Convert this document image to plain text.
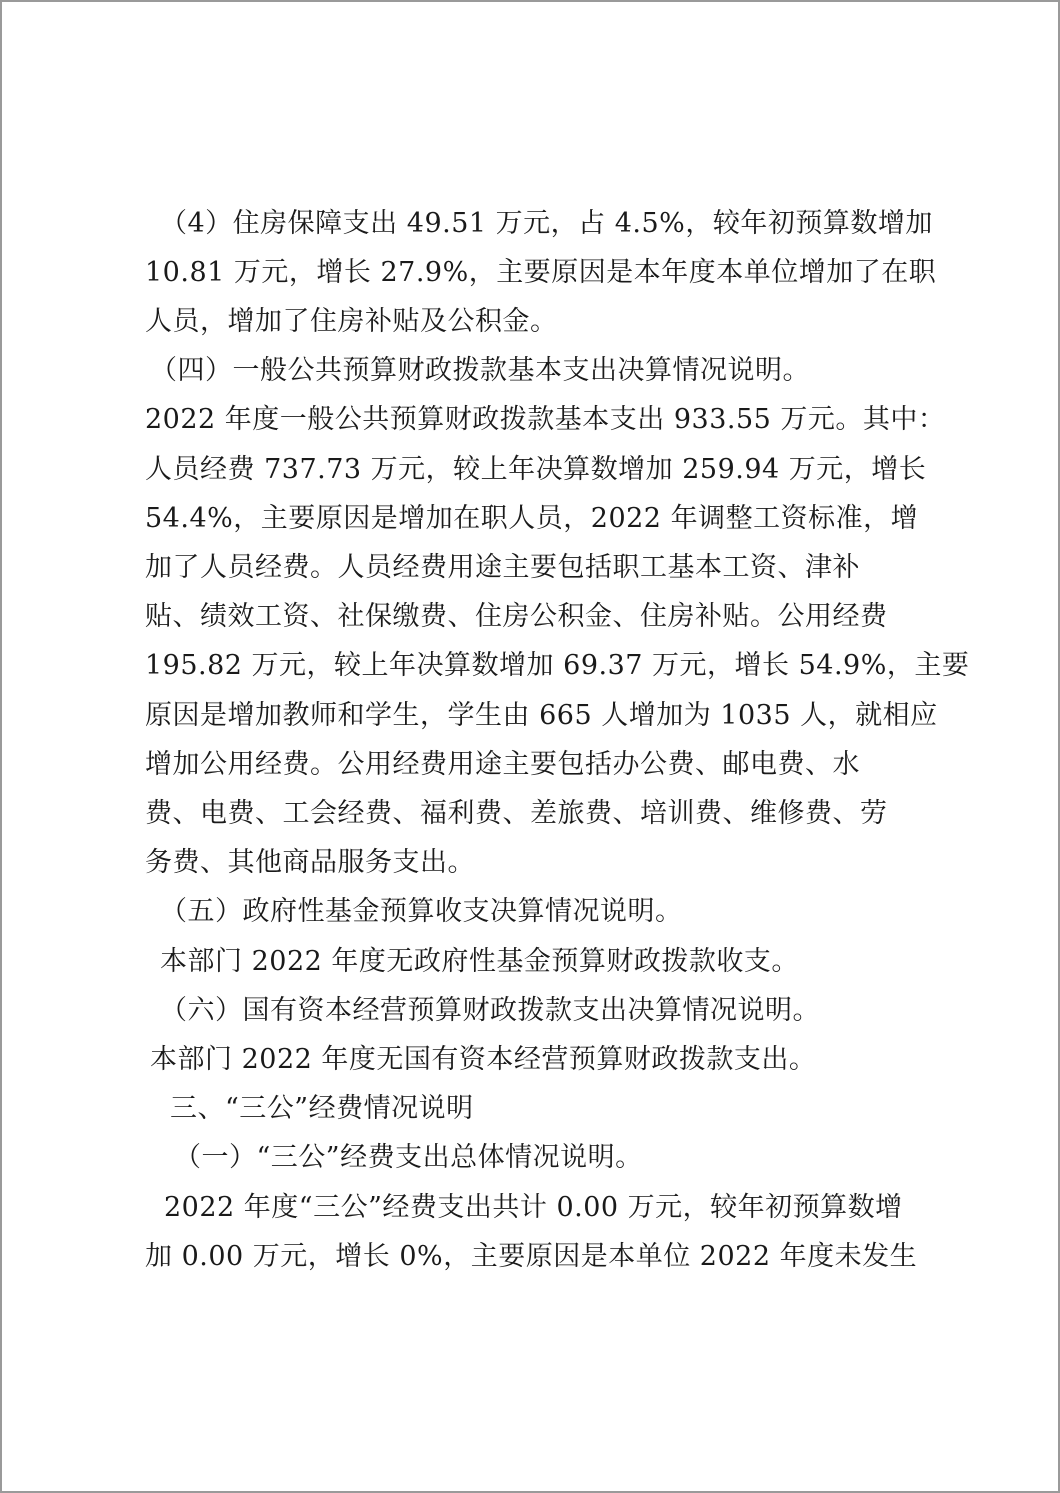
（4）住房保障支出 49.51 万元，占 4.5%，较年初预算数增加
10.81 万元，增长 27.9%，主要原因是本年度本单位增加了在职
人员，增加了住房补贴及公积金。
（四）一般公共预算财政拨款基本支出决算情况说明。
2022 年度一般公共预算财政拨款基本支出 933.55 万元。其中：
人员经费 737.73 万元，较上年决算数增加 259.94 万元，增长
54.4%，主要原因是增加在职人员，2022 年调整工资标准，增
加了人员经费。人员经费用途主要包括职工基本工资、津补
贴、绩效工资、社保缴费、住房公积金、住房补贴。公用经费
195.82 万元，较上年决算数增加 69.37 万元，增长 54.9%，主要
原因是增加教师和学生，学生由 665 人增加为 1035 人，就相应
增加公用经费。公用经费用途主要包括办公费、邮电费、水
费、电费、工会经费、福利费、差旅费、培训费、维修费、劳
务费、其他商品服务支出。
（五）政府性基金预算收支决算情况说明。
本部门 2022 年度无政府性基金预算财政拨款收支。
（六）国有资本经营预算财政拨款支出决算情况说明。
本部门 2022 年度无国有资本经营预算财政拨款支出。
三、“三公”经费情况说明
（一）“三公”经费支出总体情况说明。
2022 年度“三公”经费支出共计 0.00 万元，较年初预算数增
加 0.00 万元，增长 0%，主要原因是本单位 2022 年度未发生
